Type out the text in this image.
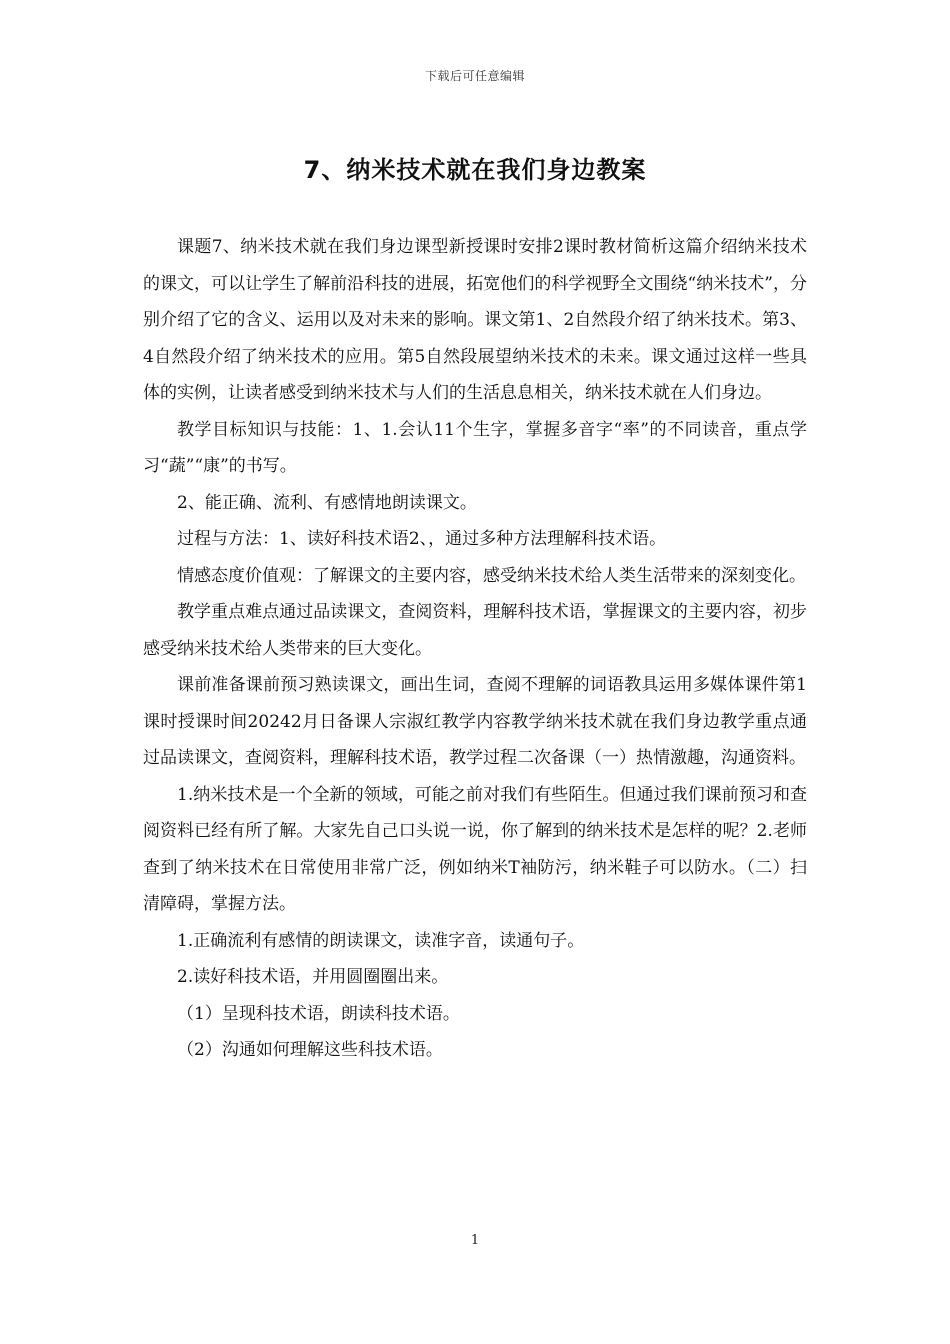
下载后可任意编辑
7、纳米技术就在我们身边教案

课题7、纳米技术就在我们身边课型新授课时安排2课时教材简析这篇介绍纳米技术的课文，可以让学生了解前沿科技的进展，拓宽他们的科学视野全文围绕“纳米技术”，分别介绍了它的含义、运用以及对未来的影响。课文第1、2自然段介绍了纳米技术。第3、4自然段介绍了纳米技术的应用。第5自然段展望纳米技术的未来。课文通过这样一些具体的实例，让读者感受到纳米技术与人们的生活息息相关，纳米技术就在人们身边。

教学目标知识与技能：1、1.会认11个生字，掌握多音字“率”的不同读音，重点学习“蔬”“康”的书写。

2、能正确、流利、有感情地朗读课文。

过程与方法：1、读好科技术语2、，通过多种方法理解科技术语。

情感态度价值观：了解课文的主要内容，感受纳米技术给人类生活带来的深刻变化。

教学重点难点通过品读课文，查阅资料，理解科技术语，掌握课文的主要内容，初步感受纳米技术给人类带来的巨大变化。

课前准备课前预习熟读课文，画出生词，查阅不理解的词语教具运用多媒体课件第1课时授课时间20242月日备课人宗淑红教学内容教学纳米技术就在我们身边教学重点通过品读课文，查阅资料，理解科技术语，教学过程二次备课（一）热情激趣，沟通资料。

1.纳米技术是一个全新的领域，可能之前对我们有些陌生。但通过我们课前预习和查阅资料已经有所了解。大家先自己口头说一说，你了解到的纳米技术是怎样的呢？2.老师查到了纳米技术在日常使用非常广泛，例如纳米T袖防污，纳米鞋子可以防水。（二）扫清障碍，掌握方法。

1.正确流利有感情的朗读课文，读准字音，读通句子。

2.读好科技术语，并用圆圈圈出来。

（1）呈现科技术语，朗读科技术语。

（2）沟通如何理解这些科技术语。

1
